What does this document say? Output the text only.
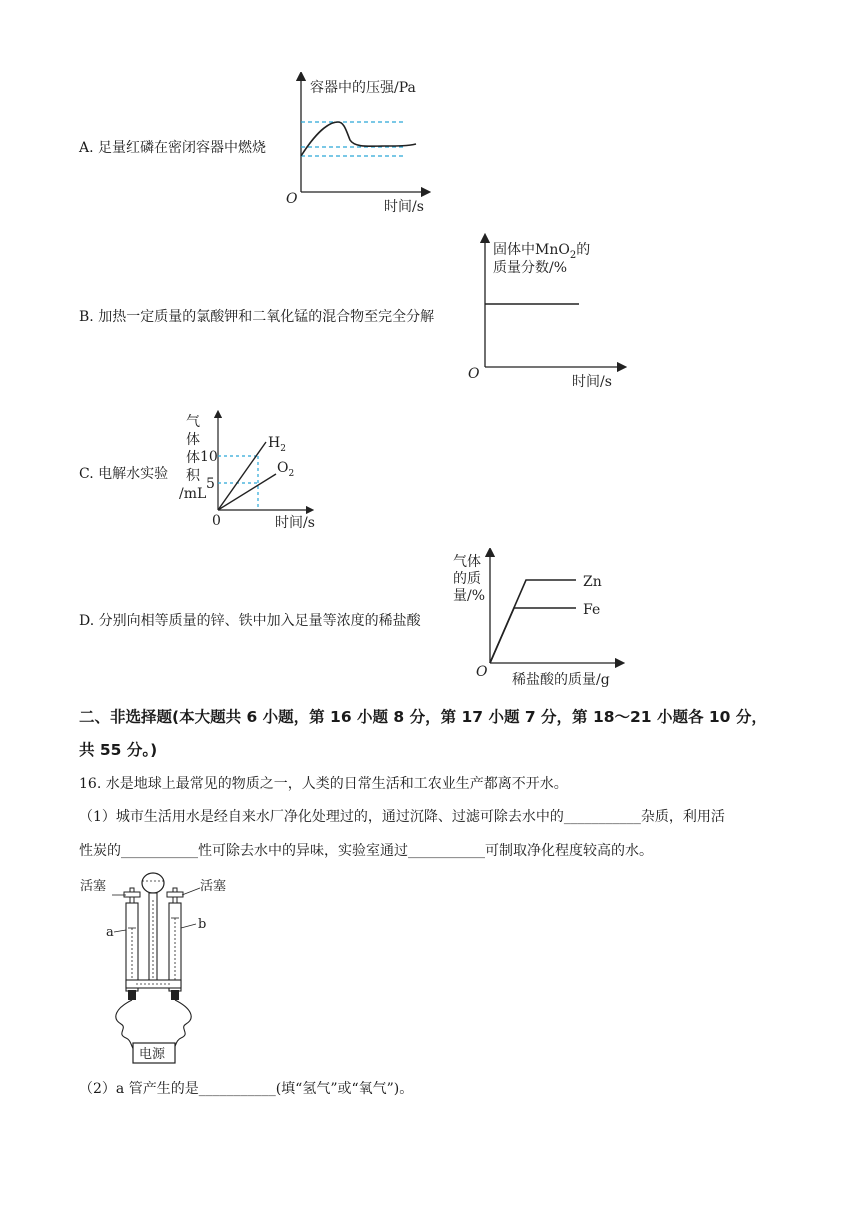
A. 足量红磷在密闭容器中燃烧
容器中的压强/Pa
时间/s
O
B. 加热一定质量的氯酸钾和二氧化锰的混合物至完全分解
固体中MnO$_2$的
质量分数/%
时间/s
O
C. 电解水实验
气
体
体
积
/mL
10
5
0	时间/s
$H_2$
$O_2$
D. 分别向相等质量的锌、铁中加入足量等浓度的稀盐酸
气体
的质
量/%
Zn
Fe
O 稀盐酸的质量/g
二、非选择题(本大题共 6 小题，第 16 小题 8 分，第 17 小题 7 分，第 18～21 小题各 10 分，
共 55 分。)
16. 水是地球上最常见的物质之一，人类的日常生活和工农业生产都离不开水。
（1）城市生活用水是经自来水厂净化处理过的，通过沉降、过滤可除去水中的___________杂质，利用活
性炭的___________性可除去水中的异味，实验室通过___________可制取净化程度较高的水。
电源
活塞	活塞
a
b
（2）a 管产生的是___________(填“氢气”或“氧气”)。
